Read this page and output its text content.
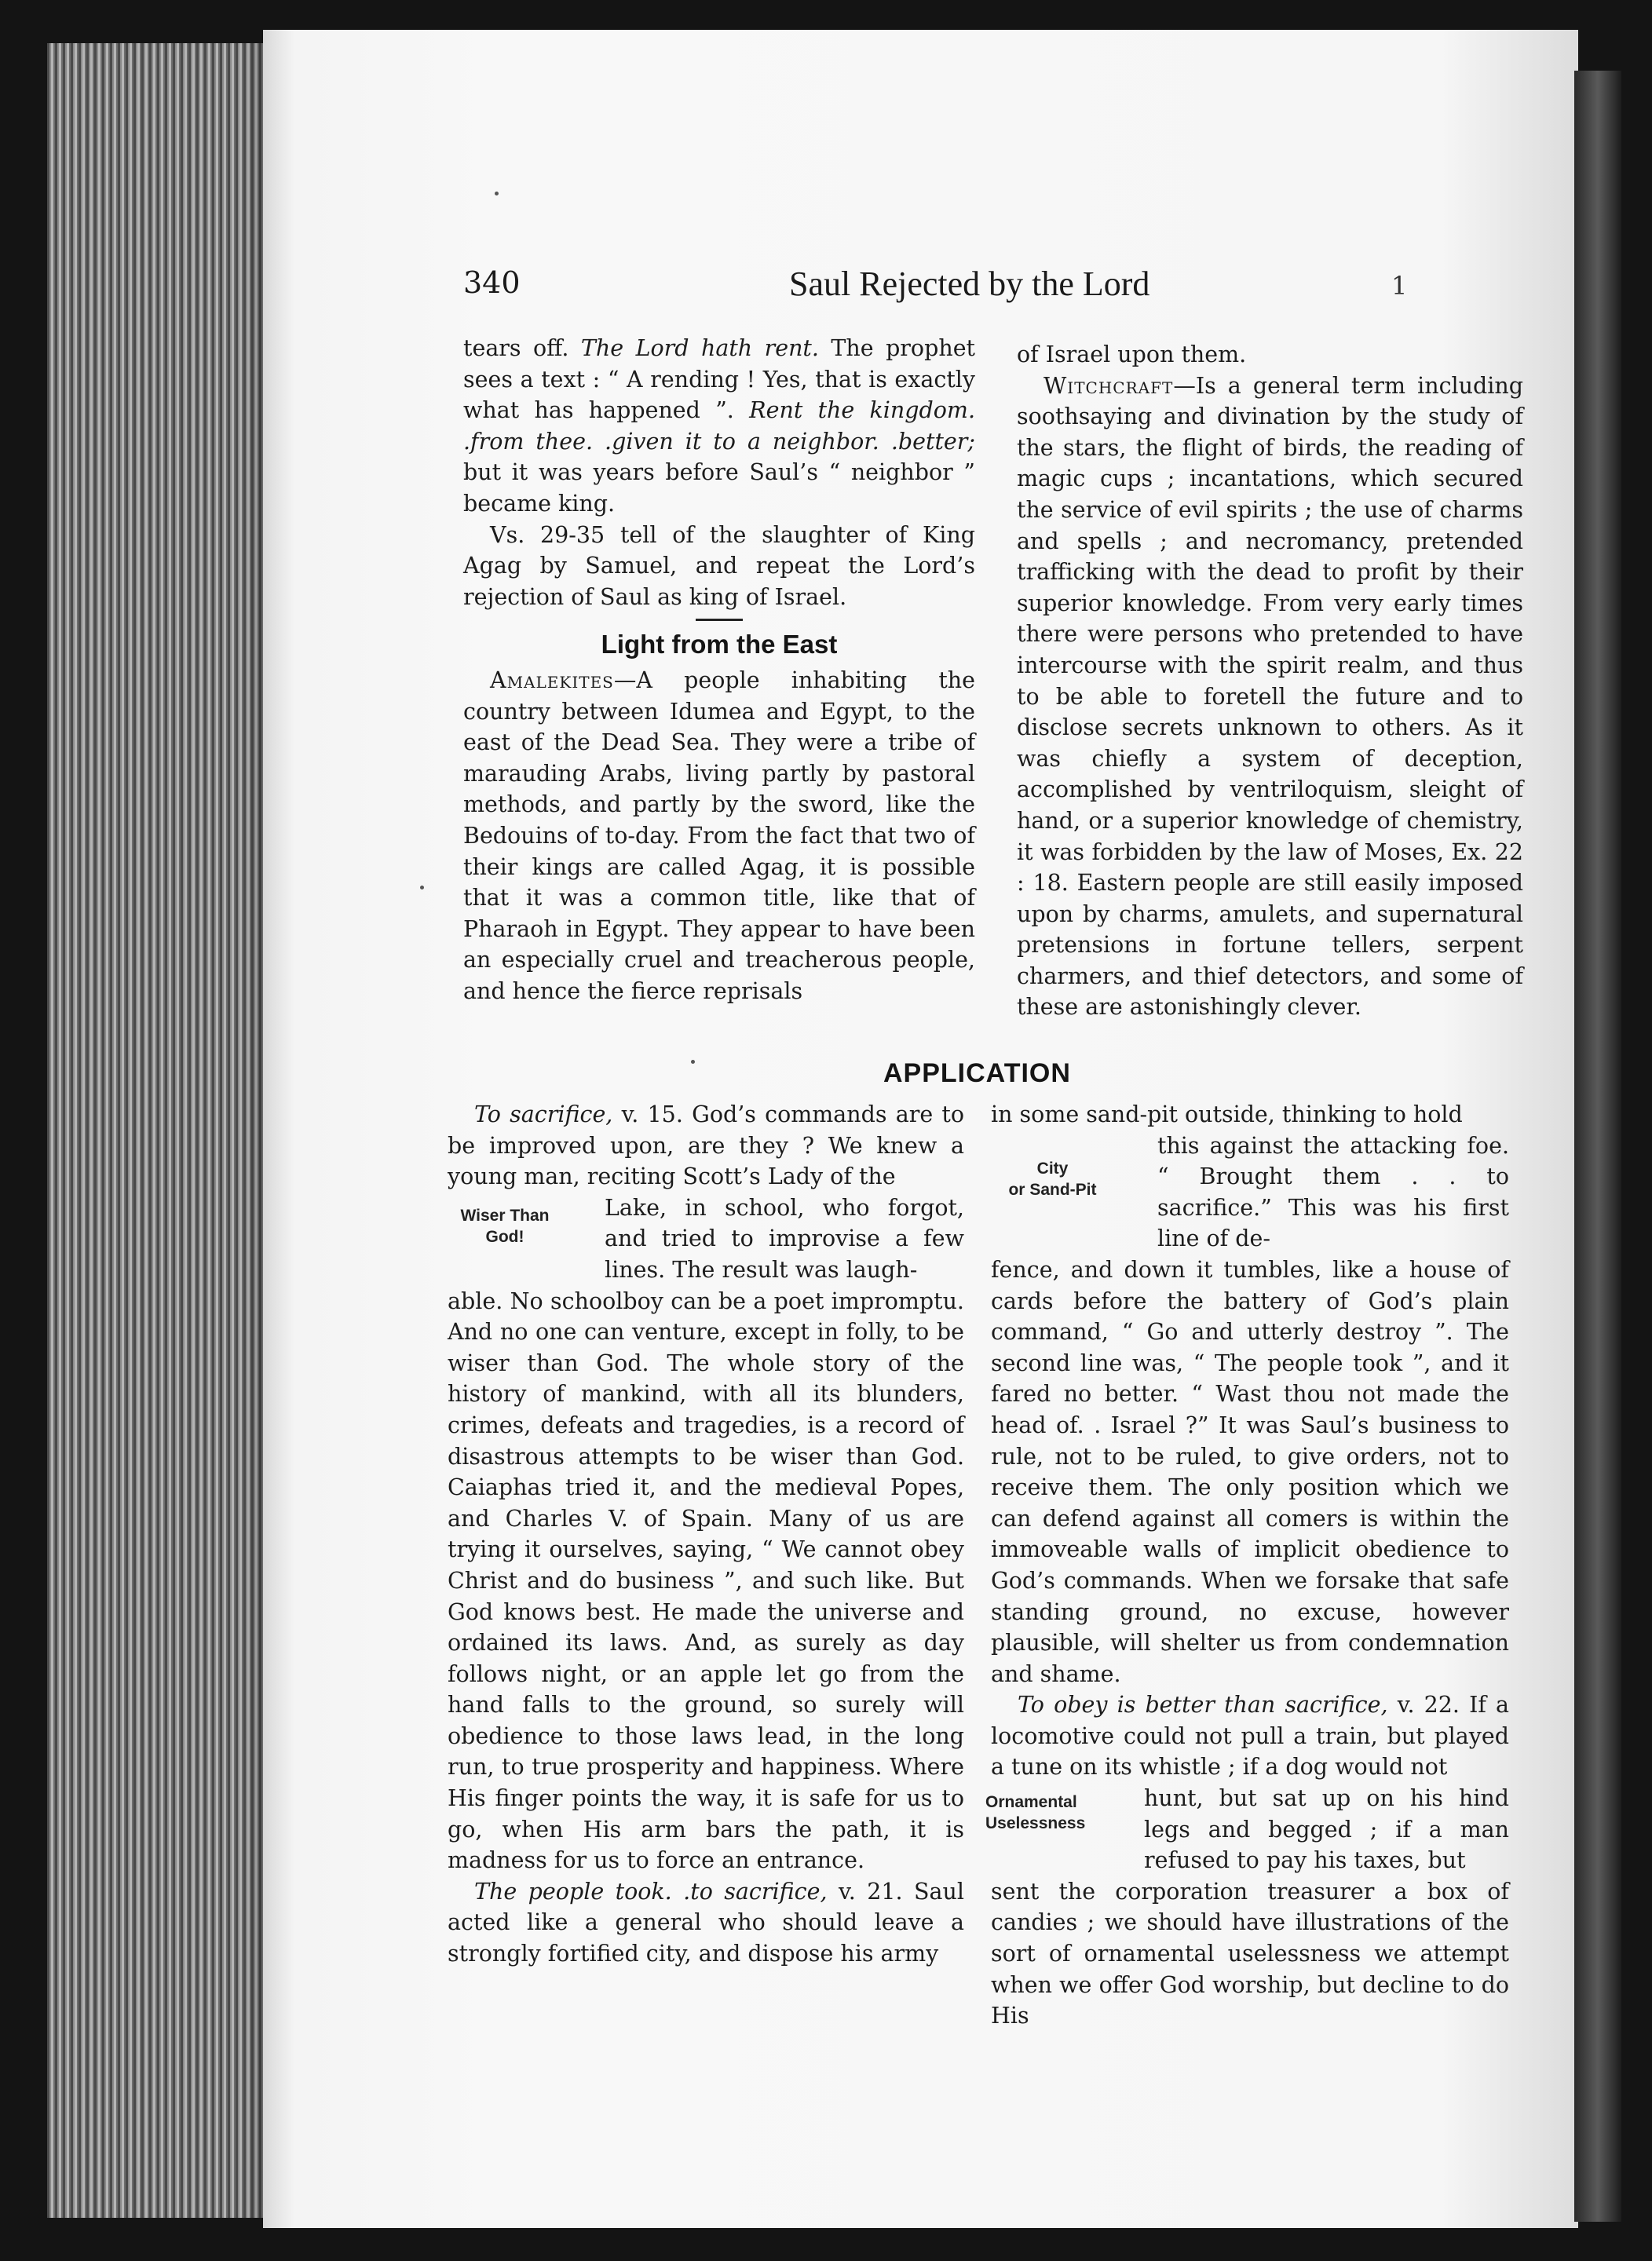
340	Saul Rejected by the Lord	1

tears off. The Lord hath rent. The prophet sees a text : “ A rending ! Yes, that is exactly what has happened ”. Rent the kingdom. .from thee. .given it to a neighbor. .better; but it was years before Saul’s “ neighbor ” became king.

Vs. 29-35 tell of the slaughter of King Agag by Samuel, and repeat the Lord’s rejection of Saul as king of Israel.

Light from the East

Amalekites—A people inhabiting the country between Idumea and Egypt, to the east of the Dead Sea. They were a tribe of marauding Arabs, living partly by pastoral methods, and partly by the sword, like the Bedouins of to-day. From the fact that two of their kings are called Agag, it is possible that it was a common title, like that of Pharaoh in Egypt. They appear to have been an especially cruel and treacherous people, and hence the fierce reprisals

of Israel upon them.

Witchcraft—Is a general term including soothsaying and divination by the study of the stars, the flight of birds, the reading of magic cups ; incantations, which secured the service of evil spirits ; the use of charms and spells ; and necromancy, pretended trafficking with the dead to profit by their superior knowledge. From very early times there were persons who pretended to have intercourse with the spirit realm, and thus to be able to foretell the future and to disclose secrets unknown to others. As it was chiefly a system of deception, accomplished by ventriloquism, sleight of hand, or a superior knowledge of chemistry, it was forbidden by the law of Moses, Ex. 22 : 18. Eastern people are still easily imposed upon by charms, amulets, and supernatural pretensions in fortune tellers, serpent charmers, and thief detectors, and some of these are astonishingly clever.

APPLICATION

To sacrifice, v. 15. God’s commands are to be improved upon, are they ? We knew a young man, reciting Scott’s Lady of the

Lake, in school, who forgot, and tried to improvise a few lines. The result was laugh-

able. No schoolboy can be a poet impromptu. And no one can venture, except in folly, to be wiser than God. The whole story of the history of mankind, with all its blunders, crimes, defeats and tragedies, is a record of disastrous attempts to be wiser than God. Caiaphas tried it, and the medieval Popes, and Charles V. of Spain. Many of us are trying it ourselves, saying, “ We cannot obey Christ and do business ”, and such like. But God knows best. He made the universe and ordained its laws. And, as surely as day follows night, or an apple let go from the hand falls to the ground, so surely will obedience to those laws lead, in the long run, to true prosperity and happiness. Where His finger points the way, it is safe for us to go, when His arm bars the path, it is madness for us to force an entrance.

The people took. .to sacrifice, v. 21. Saul acted like a general who should leave a strongly fortified city, and dispose his army

Wiser Than
God!

in some sand-pit outside, thinking to hold

this against the attacking foe. “ Brought them . . to sacrifice.” This was his first line of de-

fence, and down it tumbles, like a house of cards before the battery of God’s plain command, “ Go and utterly destroy ”. The second line was, “ The people took ”, and it fared no better. “ Wast thou not made the head of. . Israel ?” It was Saul’s business to rule, not to be ruled, to give orders, not to receive them. The only position which we can defend against all comers is within the immoveable walls of implicit obedience to God’s commands. When we forsake that safe standing ground, no excuse, however plausible, will shelter us from condemnation and shame.

To obey is better than sacrifice, v. 22. If a locomotive could not pull a train, but played a tune on its whistle ; if a dog would not

hunt, but sat up on his hind legs and begged ; if a man refused to pay his taxes, but

sent the corporation treasurer a box of candies ; we should have illustrations of the sort of ornamental uselessness we attempt when we offer God worship, but decline to do His

City
or Sand-Pit
Ornamental
Uselessness
